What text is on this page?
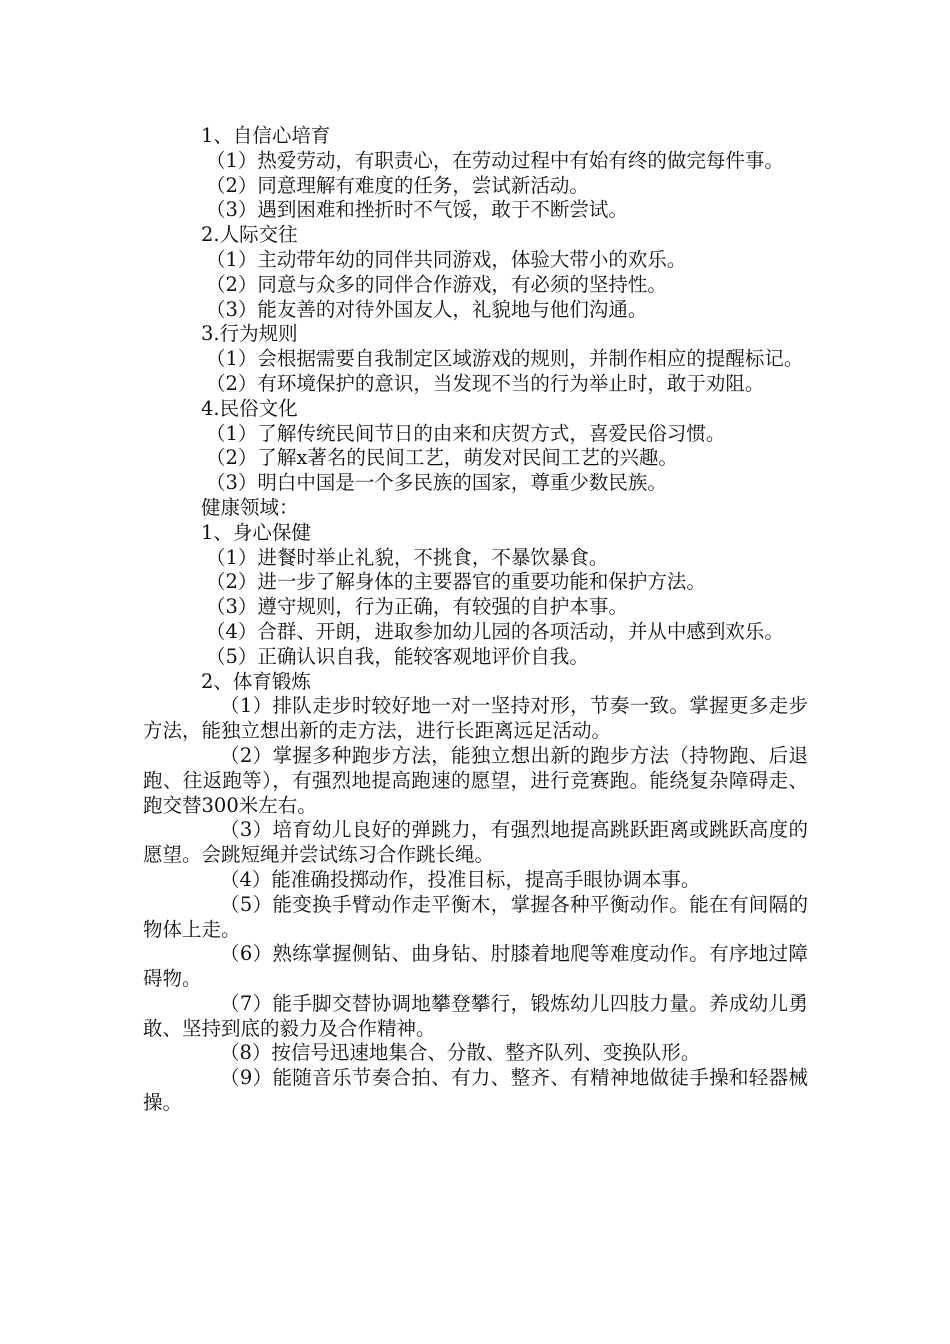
1、自信心培育
（1）热爱劳动，有职责心，在劳动过程中有始有终的做完每件事。
（2）同意理解有难度的任务，尝试新活动。
（3）遇到困难和挫折时不气馁，敢于不断尝试。
2.人际交往
（1）主动带年幼的同伴共同游戏，体验大带小的欢乐。
（2）同意与众多的同伴合作游戏，有必须的坚持性。
（3）能友善的对待外国友人，礼貌地与他们沟通。
3.行为规则
（1）会根据需要自我制定区域游戏的规则，并制作相应的提醒标记。
（2）有环境保护的意识，当发现不当的行为举止时，敢于劝阻。
4.民俗文化
（1）了解传统民间节日的由来和庆贺方式，喜爱民俗习惯。
（2）了解x著名的民间工艺，萌发对民间工艺的兴趣。
（3）明白中国是一个多民族的国家，尊重少数民族。
健康领域：
1、身心保健
（1）进餐时举止礼貌，不挑食，不暴饮暴食。
（2）进一步了解身体的主要器官的重要功能和保护方法。
（3）遵守规则，行为正确，有较强的自护本事。
（4）合群、开朗，进取参加幼儿园的各项活动，并从中感到欢乐。
（5）正确认识自我，能较客观地评价自我。
2、体育锻炼
（1）排队走步时较好地一对一坚持对形，节奏一致。掌握更多走步方法，能独立想出新的走方法，进行长距离远足活动。
（2）掌握多种跑步方法，能独立想出新的跑步方法（持物跑、后退跑、往返跑等），有强烈地提高跑速的愿望，进行竞赛跑。能绕复杂障碍走、跑交替300米左右。
（3）培育幼儿良好的弹跳力，有强烈地提高跳跃距离或跳跃高度的愿望。会跳短绳并尝试练习合作跳长绳。
（4）能准确投掷动作，投准目标，提高手眼协调本事。
（5）能变换手臂动作走平衡木，掌握各种平衡动作。能在有间隔的物体上走。
（6）熟练掌握侧钻、曲身钻、肘膝着地爬等难度动作。有序地过障碍物。
（7）能手脚交替协调地攀登攀行，锻炼幼儿四肢力量。养成幼儿勇敢、坚持到底的毅力及合作精神。
（8）按信号迅速地集合、分散、整齐队列、变换队形。
（9）能随音乐节奏合拍、有力、整齐、有精神地做徒手操和轻器械操。
